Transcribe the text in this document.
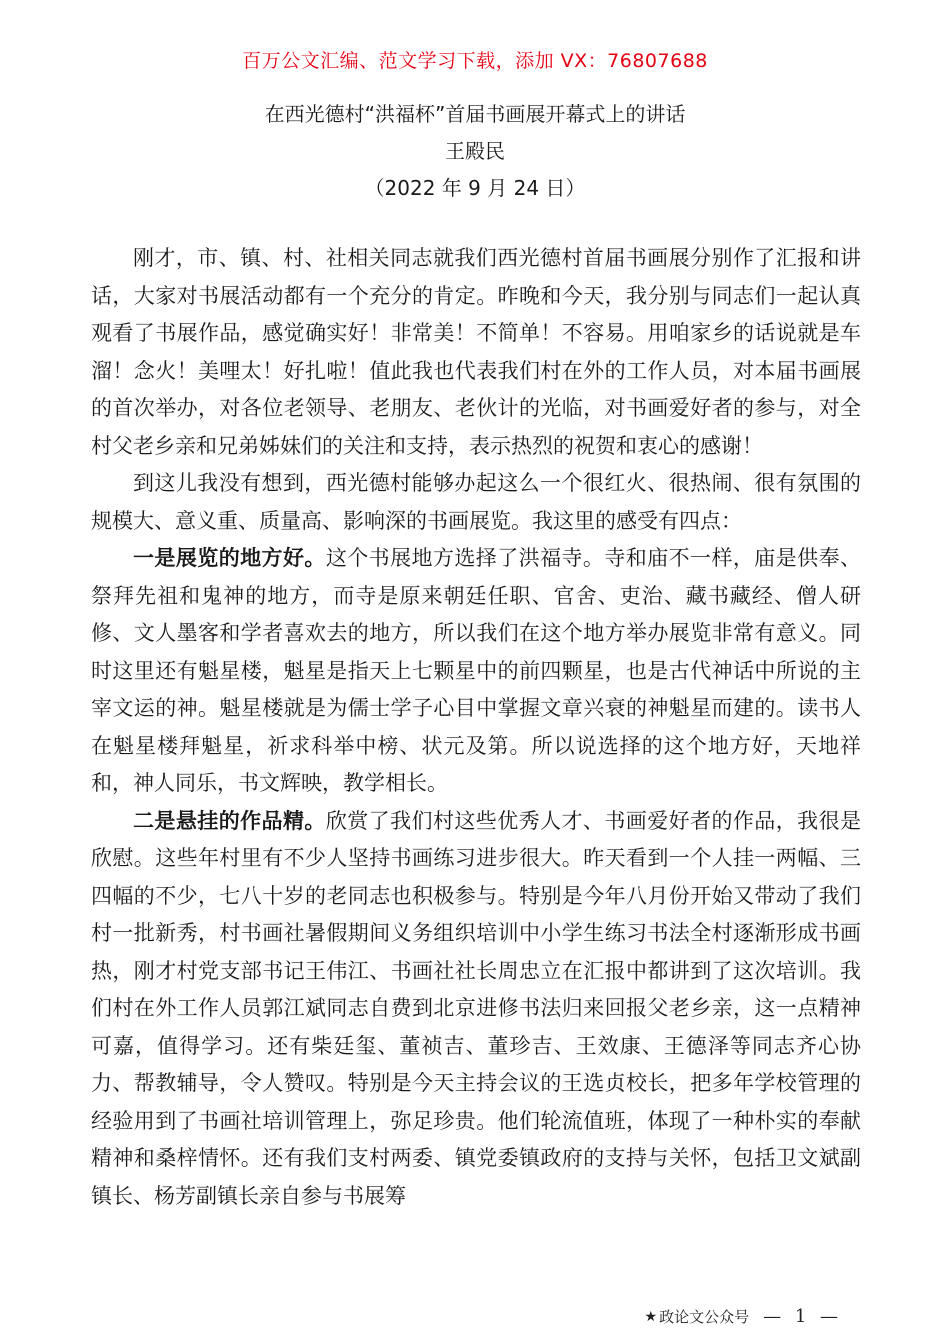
百万公文汇编、范文学习下载，添加 VX：76807688
在西光德村“洪福杯”首届书画展开幕式上的讲话
王殿民
（2022 年 9 月 24 日）

刚才，市、镇、村、社相关同志就我们西光德村首届书画展分别作了汇报和讲话，大家对书展活动都有一个充分的肯定。昨晚和今天，我分别与同志们一起认真观看了书展作品，感觉确实好！非常美！不简单！不容易。用咱家乡的话说就是车溜！念火！美哩太！好扎啦！值此我也代表我们村在外的工作人员，对本届书画展的首次举办，对各位老领导、老朋友、老伙计的光临，对书画爱好者的参与，对全村父老乡亲和兄弟姊妹们的关注和支持，表示热烈的祝贺和衷心的感谢！

到这儿我没有想到，西光德村能够办起这么一个很红火、很热闹、很有氛围的规模大、意义重、质量高、影响深的书画展览。我这里的感受有四点：

一是展览的地方好。这个书展地方选择了洪福寺。寺和庙不一样，庙是供奉、祭拜先祖和鬼神的地方，而寺是原来朝廷任职、官舍、吏治、藏书藏经、僧人研修、文人墨客和学者喜欢去的地方，所以我们在这个地方举办展览非常有意义。同时这里还有魁星楼，魁星是指天上七颗星中的前四颗星，也是古代神话中所说的主宰文运的神。魁星楼就是为儒士学子心目中掌握文章兴衰的神魁星而建的。读书人在魁星楼拜魁星，祈求科举中榜、状元及第。所以说选择的这个地方好，天地祥和，神人同乐，书文辉映，教学相长。

二是悬挂的作品精。欣赏了我们村这些优秀人才、书画爱好者的作品，我很是欣慰。这些年村里有不少人坚持书画练习进步很大。昨天看到一个人挂一两幅、三四幅的不少，七八十岁的老同志也积极参与。特别是今年八月份开始又带动了我们村一批新秀，村书画社暑假期间义务组织培训中小学生练习书法全村逐渐形成书画热，刚才村党支部书记王伟江、书画社社长周忠立在汇报中都讲到了这次培训。我们村在外工作人员郭江斌同志自费到北京进修书法归来回报父老乡亲，这一点精神可嘉，值得学习。还有柴廷玺、董祯吉、董珍吉、王效康、王德泽等同志齐心协力、帮教辅导，令人赞叹。特别是今天主持会议的王选贞校长，把多年学校管理的经验用到了书画社培训管理上，弥足珍贵。他们轮流值班，体现了一种朴实的奉献精神和桑梓情怀。还有我们支村两委、镇党委镇政府的支持与关怀，包括卫文斌副镇长、杨芳副镇长亲自参与书展筹

★ 政论文公众号 — 1 —
